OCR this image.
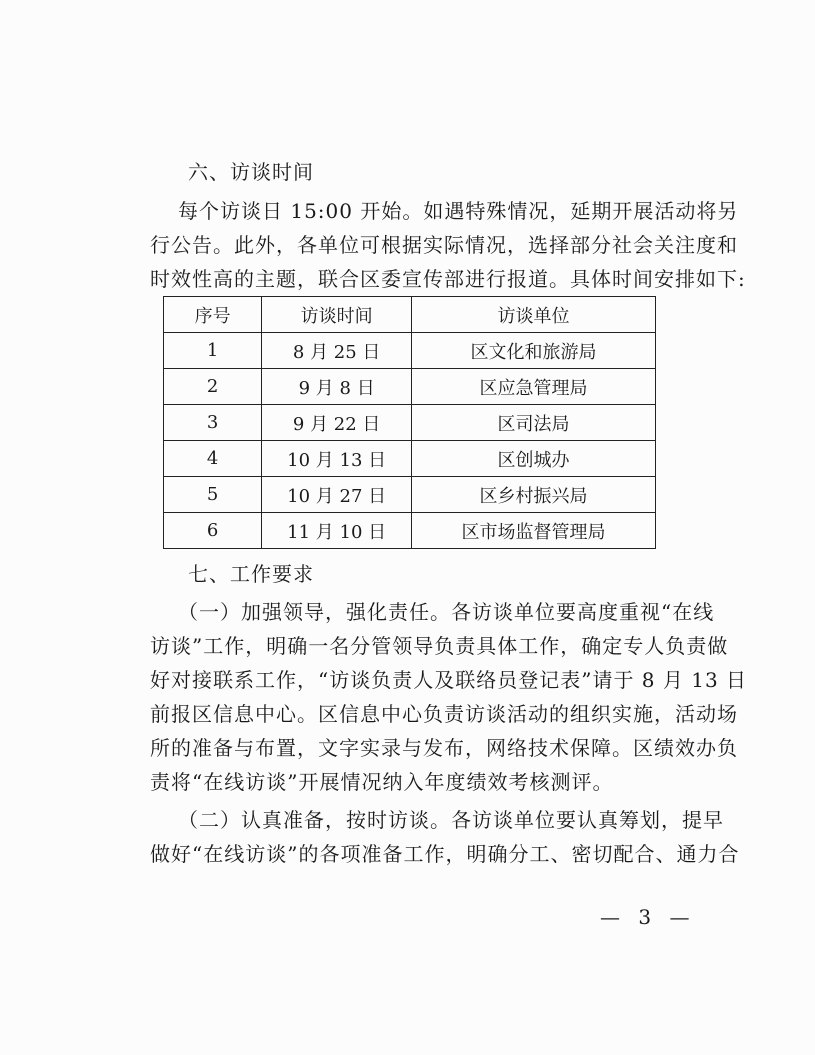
六、访谈时间
每个访谈日 15:00 开始。如遇特殊情况，延期开展活动将另
行公告。此外，各单位可根据实际情况，选择部分社会关注度和
时效性高的主题，联合区委宣传部进行报道。具体时间安排如下:
序号	访谈时间	访谈单位
1	8 月 25 日	区文化和旅游局
2	9 月 8 日	区应急管理局
3	9 月 22 日	区司法局
4	10 月 13 日	区创城办
5	10 月 27 日	区乡村振兴局
6	11 月 10 日	区市场监督管理局
七、工作要求
（一）加强领导，强化责任。各访谈单位要高度重视“在线
访谈”工作，明确一名分管领导负责具体工作，确定专人负责做
好对接联系工作，“访谈负责人及联络员登记表”请于 8 月 13 日
前报区信息中心。区信息中心负责访谈活动的组织实施，活动场
所的准备与布置，文字实录与发布，网络技术保障。区绩效办负
责将“在线访谈”开展情况纳入年度绩效考核测评。
（二）认真准备，按时访谈。各访谈单位要认真筹划，提早
做好“在线访谈”的各项准备工作，明确分工、密切配合、通力合
— 3 —
